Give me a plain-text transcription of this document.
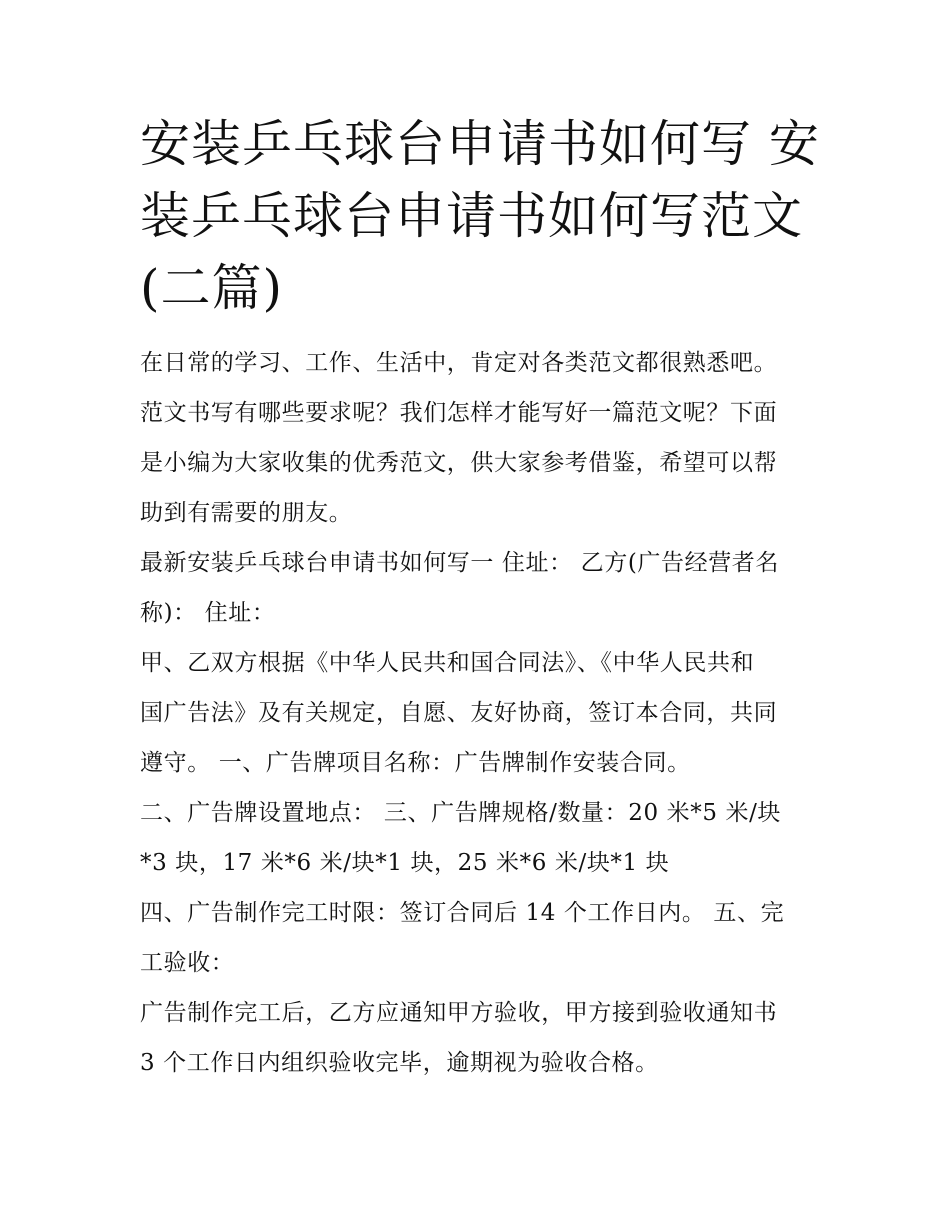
安装乒乓球台申请书如何写 安
装乒乓球台申请书如何写范文
(二篇)

在日常的学习、工作、生活中，肯定对各类范文都很熟悉吧。
范文书写有哪些要求呢？我们怎样才能写好一篇范文呢？下面
是小编为大家收集的优秀范文，供大家参考借鉴，希望可以帮
助到有需要的朋友。

最新安装乒乓球台申请书如何写一 住址： 乙方(广告经营者名
称)： 住址：

甲、乙双方根据《中华人民共和国合同法》、《中华人民共和
国广告法》及有关规定，自愿、友好协商，签订本合同，共同
遵守。 一、广告牌项目名称：广告牌制作安装合同。

二、广告牌设置地点： 三、广告牌规格/数量：20 米*5 米/块
*3 块，17 米*6 米/块*1 块，25 米*6 米/块*1 块

四、广告制作完工时限：签订合同后 14 个工作日内。 五、完
工验收：

广告制作完工后，乙方应通知甲方验收，甲方接到验收通知书
3 个工作日内组织验收完毕，逾期视为验收合格。
